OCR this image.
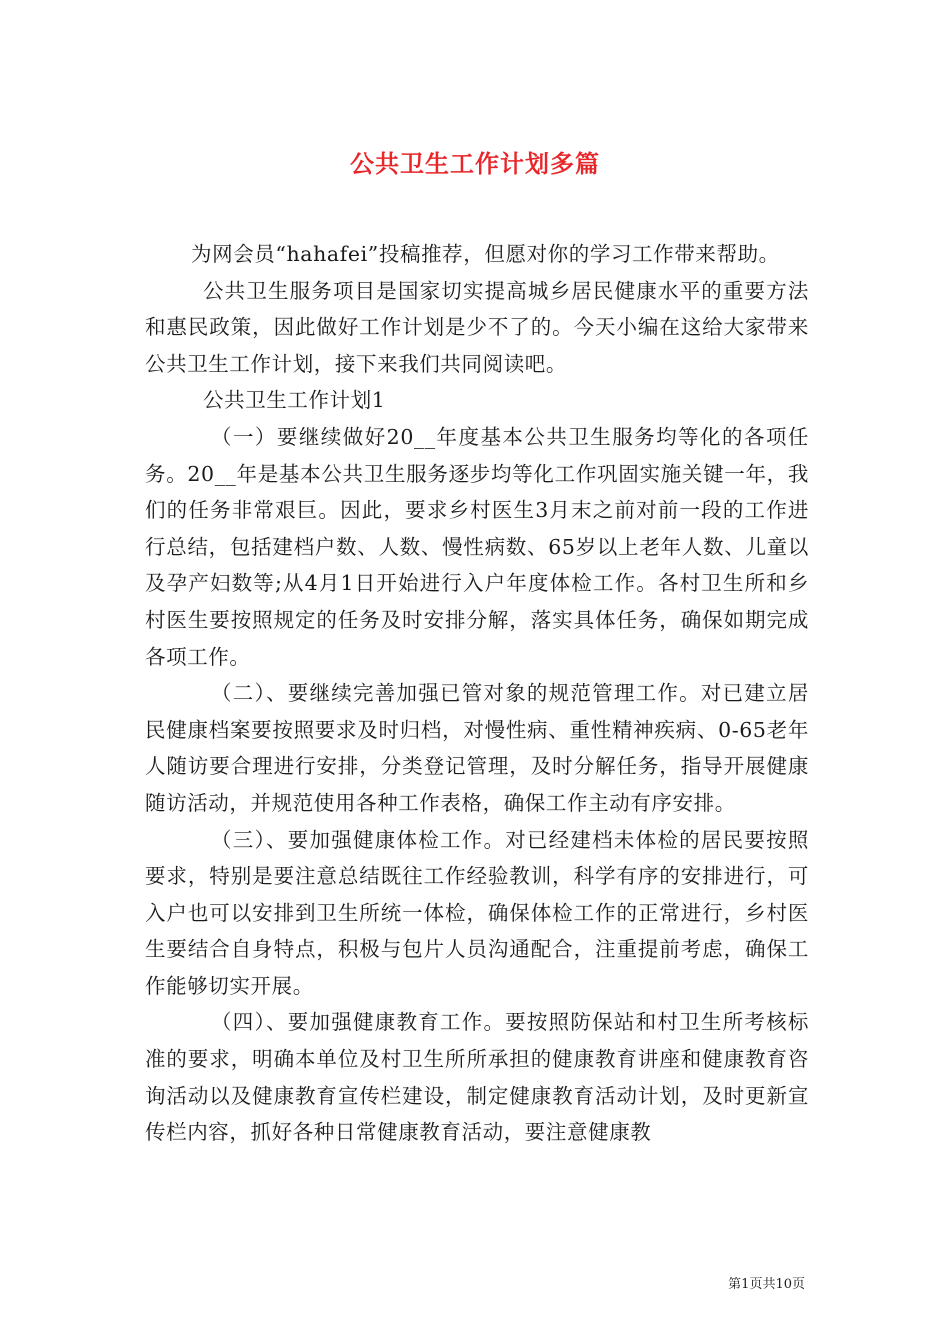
公共卫生工作计划多篇

为网会员“hahafei”投稿推荐，但愿对你的学习工作带来帮助。

公共卫生服务项目是国家切实提高城乡居民健康水平的重要方法和惠民政策，因此做好工作计划是少不了的。今天小编在这给大家带来公共卫生工作计划，接下来我们共同阅读吧。

公共卫生工作计划1

（一）要继续做好20__年度基本公共卫生服务均等化的各项任务。20__年是基本公共卫生服务逐步均等化工作巩固实施关键一年，我们的任务非常艰巨。因此，要求乡村医生3月末之前对前一段的工作进行总结，包括建档户数、人数、慢性病数、65岁以上老年人数、儿童以及孕产妇数等;从4月1日开始进行入户年度体检工作。各村卫生所和乡村医生要按照规定的任务及时安排分解，落实具体任务，确保如期完成各项工作。

（二）、要继续完善加强已管对象的规范管理工作。对已建立居民健康档案要按照要求及时归档，对慢性病、重性精神疾病、0-65老年人随访要合理进行安排，分类登记管理，及时分解任务，指导开展健康随访活动，并规范使用各种工作表格，确保工作主动有序安排。

（三）、要加强健康体检工作。对已经建档未体检的居民要按照要求，特别是要注意总结既往工作经验教训，科学有序的安排进行，可入户也可以安排到卫生所统一体检，确保体检工作的正常进行，乡村医生要结合自身特点，积极与包片人员沟通配合，注重提前考虑，确保工作能够切实开展。

（四）、要加强健康教育工作。要按照防保站和村卫生所考核标准的要求，明确本单位及村卫生所所承担的健康教育讲座和健康教育咨询活动以及健康教育宣传栏建设，制定健康教育活动计划，及时更新宣传栏内容，抓好各种日常健康教育活动，要注意健康教

第1页共10页
